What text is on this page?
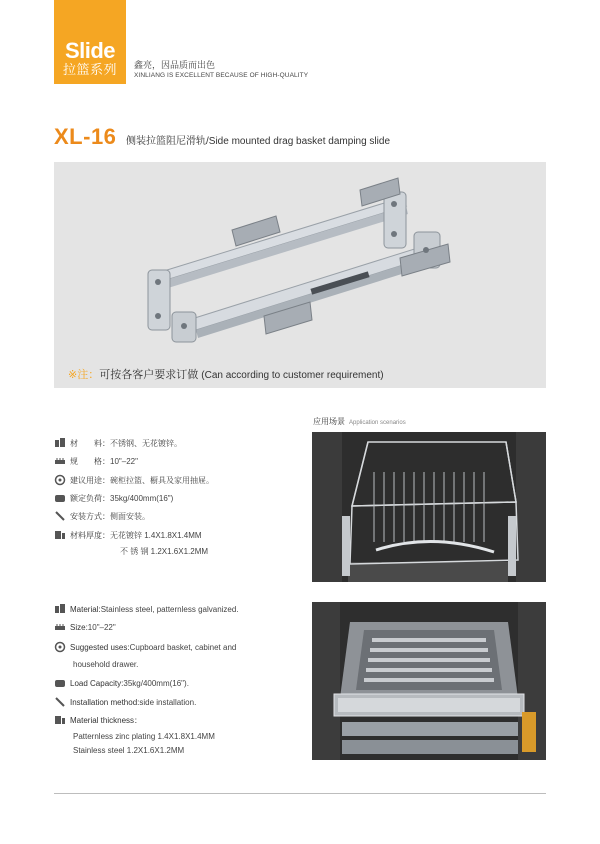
Slide
拉篮系列	鑫亮，因品质而出色
XINLIANG IS EXCELLENT BECAUSE OF HIGH-QUALITY
XL-16 侧装拉篮阻尼滑轨/Side mounted drag basket damping slide
※注：可按各客户要求订做 (Can according to customer requirement)
应用场景 Application scenarios
材　　料： 不锈钢、无花镀锌。
规　　格： 10"–22"
建议用途： 碗柜拉篮、橱具及家用抽屉。
额定负荷： 35kg/400mm(16")
安装方式： 侧面安装。
材料厚度： 无花镀锌 1.4X1.8X1.4MM
不 锈 钢 1.2X1.6X1.2MM
Material: Stainless steel, patternless galvanized.
Size: 10"–22"
Suggested uses: Cupboard basket, cabinet and
household drawer.
Load Capacity: 35kg/400mm(16").
Installation method: side installation.
Material thickness：
Patternless zinc plating 1.4X1.8X1.4MM
Stainless steel 1.2X1.6X1.2MM
